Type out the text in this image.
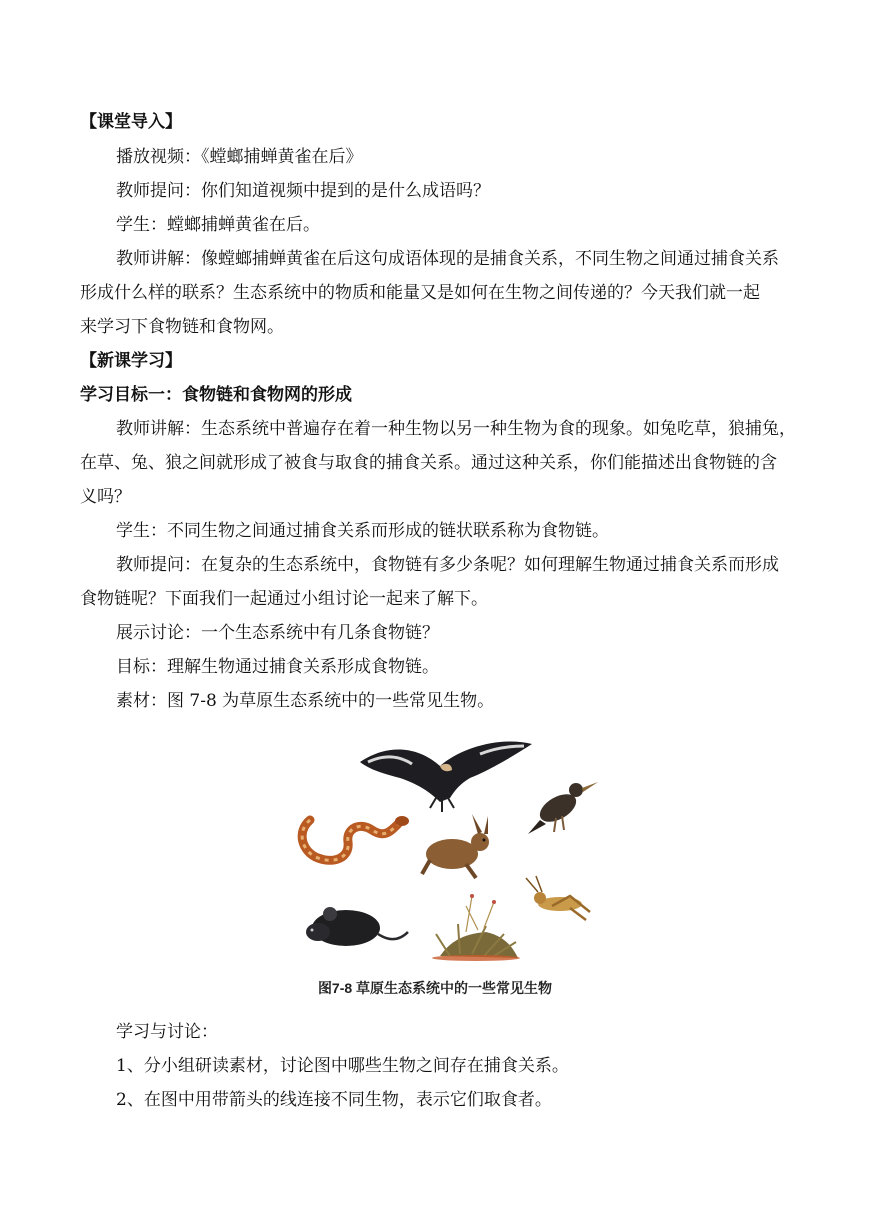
【课堂导入】
播放视频：《螳螂捕蝉黄雀在后》
教师提问：你们知道视频中提到的是什么成语吗？
学生：螳螂捕蝉黄雀在后。
教师讲解：像螳螂捕蝉黄雀在后这句成语体现的是捕食关系，不同生物之间通过捕食关系
形成什么样的联系？生态系统中的物质和能量又是如何在生物之间传递的？今天我们就一起
来学习下食物链和食物网。
【新课学习】
学习目标一：食物链和食物网的形成
教师讲解：生态系统中普遍存在着一种生物以另一种生物为食的现象。如兔吃草，狼捕兔，
在草、兔、狼之间就形成了被食与取食的捕食关系。通过这种关系，你们能描述出食物链的含
义吗？
学生：不同生物之间通过捕食关系而形成的链状联系称为食物链。
教师提问：在复杂的生态系统中，食物链有多少条呢？如何理解生物通过捕食关系而形成
食物链呢？下面我们一起通过小组讨论一起来了解下。
展示讨论：一个生态系统中有几条食物链？
目标：理解生物通过捕食关系形成食物链。
素材：图 7-8 为草原生态系统中的一些常见生物。
图7-8 草原生态系统中的一些常见生物
学习与讨论：
1、分小组研读素材，讨论图中哪些生物之间存在捕食关系。
2、在图中用带箭头的线连接不同生物，表示它们取食者。
